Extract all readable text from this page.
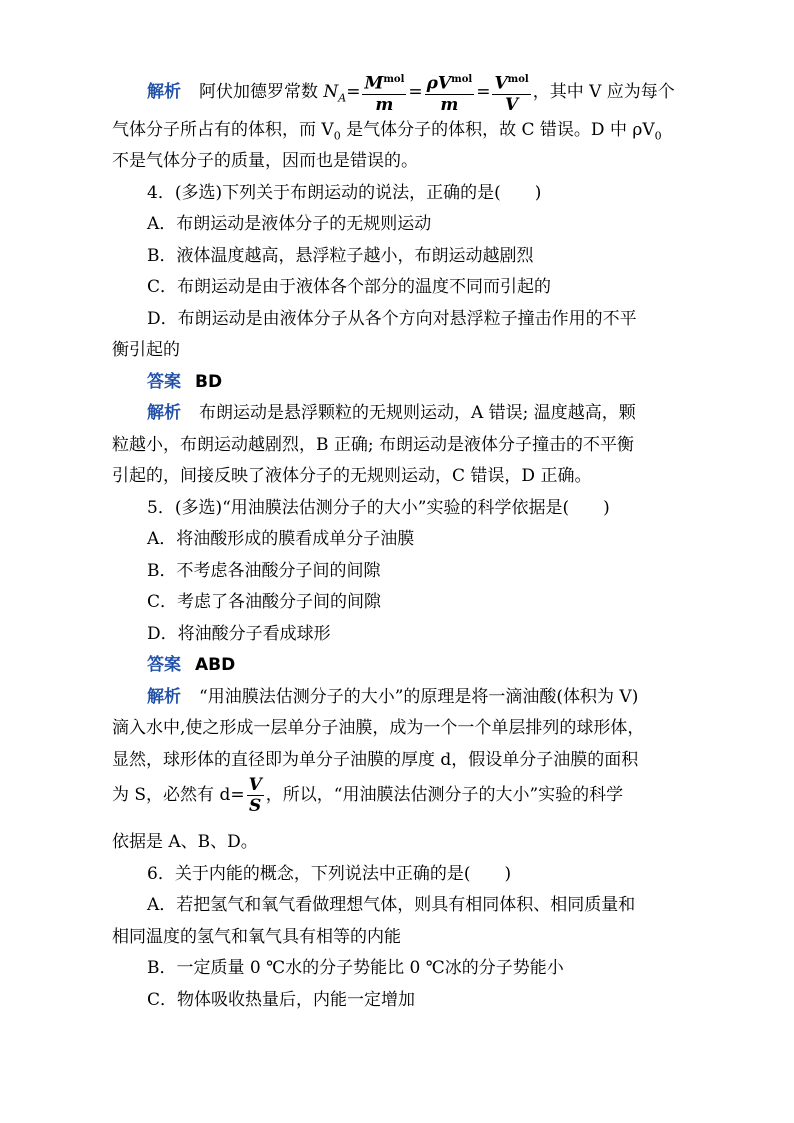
解析 阿伏加德罗常数 $N_A= \frac{M^{mol}}{m} = \frac{\rho V^{mol}}{m} = \frac{V^{mol}}{V}$ ，其中 V 应为每个
气体分子所占有的体积，而 $V_0$ 是气体分子的体积，故 C 错误。D 中 $\rho V_0$
不是气体分子的质量，因而也是错误的。
4．(多选)下列关于布朗运动的说法，正确的是(　　)
A．布朗运动是液体分子的无规则运动
B．液体温度越高，悬浮粒子越小，布朗运动越剧烈
C．布朗运动是由于液体各个部分的温度不同而引起的
D．布朗运动是由液体分子从各个方向对悬浮粒子撞击作用的不平
衡引起的
答案 BD
解析 布朗运动是悬浮颗粒的无规则运动，A 错误; 温度越高，颗
粒越小，布朗运动越剧烈，B 正确; 布朗运动是液体分子撞击的不平衡
引起的，间接反映了液体分子的无规则运动，C 错误，D 正确。
5．(多选)“用油膜法估测分子的大小”实验的科学依据是(　　)
A．将油酸形成的膜看成单分子油膜
B．不考虑各油酸分子间的间隙
C．考虑了各油酸分子间的间隙
D．将油酸分子看成球形
答案 ABD
解析 “用油膜法估测分子的大小”的原理是将一滴油酸(体积为 V)
滴入水中,使之形成一层单分子油膜，成为一个一个单层排列的球形体，
显然，球形体的直径即为单分子油膜的厚度 d，假设单分子油膜的面积
为 S，必然有 $d= \frac{V}{S}$ ，所以，“用油膜法估测分子的大小”实验的科学
依据是 A、B、D。
6．关于内能的概念，下列说法中正确的是(　　)
A．若把氢气和氧气看做理想气体，则具有相同体积、相同质量和
相同温度的氢气和氧气具有相等的内能
B．一定质量 0 ℃水的分子势能比 0 ℃冰的分子势能小
C．物体吸收热量后，内能一定增加
